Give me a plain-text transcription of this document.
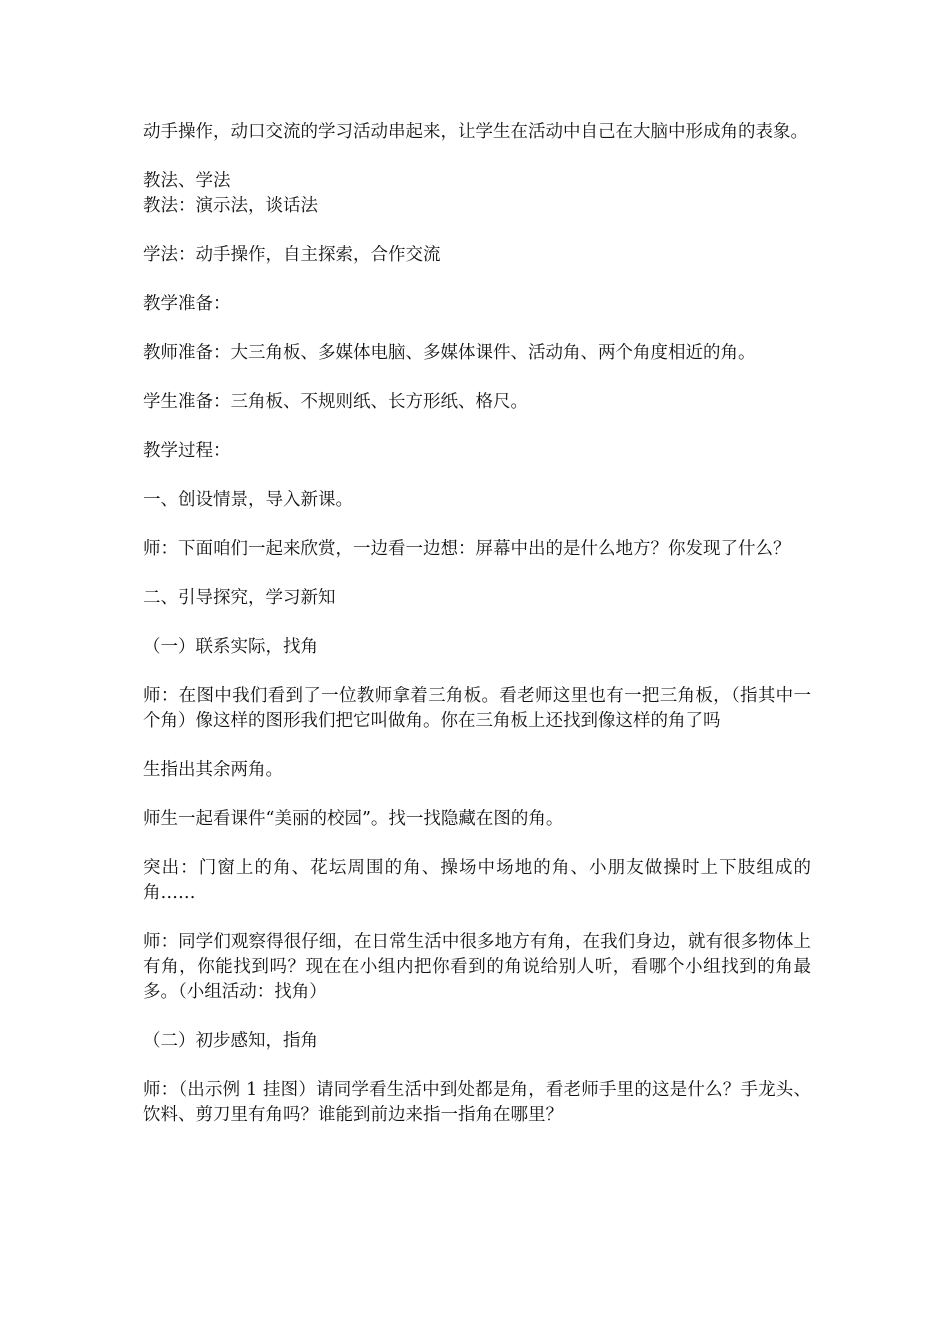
动手操作，动口交流的学习活动串起来，让学生在活动中自己在大脑中形成角的表象。

教法、学法

教法：演示法，谈话法

学法：动手操作，自主探索，合作交流

教学准备：

教师准备：大三角板、多媒体电脑、多媒体课件、活动角、两个角度相近的角。

学生准备：三角板、不规则纸、长方形纸、格尺。

教学过程：

一、创设情景，导入新课。

师：下面咱们一起来欣赏，一边看一边想：屏幕中出的是什么地方？你发现了什么？

二、引导探究，学习新知

（一）联系实际，找角

师：在图中我们看到了一位教师拿着三角板。看老师这里也有一把三角板，（指其中一个角）像这样的图形我们把它叫做角。你在三角板上还找到像这样的角了吗

生指出其余两角。

师生一起看课件“美丽的校园”。找一找隐藏在图的角。

突出：门窗上的角、花坛周围的角、操场中场地的角、小朋友做操时上下肢组成的角……

师：同学们观察得很仔细，在日常生活中很多地方有角，在我们身边，就有很多物体上有角，你能找到吗？现在在小组内把你看到的角说给别人听，看哪个小组找到的角最多。（小组活动：找角）

（二）初步感知，指角

师：（出示例 1 挂图）请同学看生活中到处都是角，看老师手里的这是什么？手龙头、饮料、剪刀里有角吗？谁能到前边来指一指角在哪里？
